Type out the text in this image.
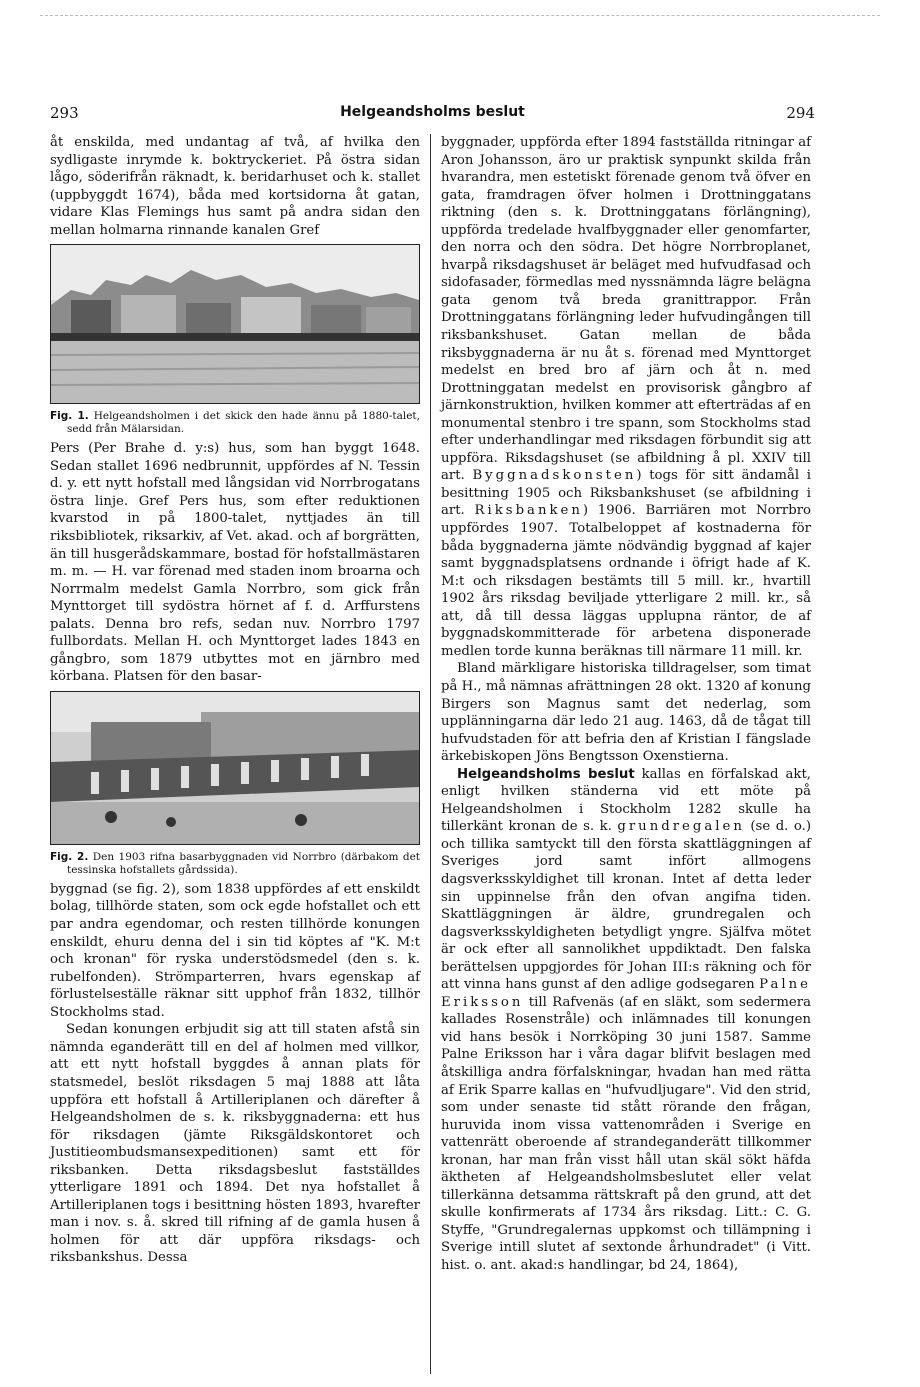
293	Helgeandsholms beslut	294

åt enskilda, med undantag af två, af hvilka den sydligaste inrymde k. boktryckeriet. På östra sidan lågo, söderifrån räknadt, k. beridarhuset och k. stallet (uppbyggdt 1674), båda med kortsidorna åt gatan, vidare Klas Flemings hus samt på andra sidan den mellan holmarna rinnande kanalen Gref

Fig. 1. Helgeandsholmen i det skick den hade ännu på 1880-talet, sedd från Mälarsidan.

Pers (Per Brahe d. y:s) hus, som han byggt 1648. Sedan stallet 1696 nedbrunnit, uppfördes af N. Tessin d. y. ett nytt hofstall med långsidan vid Norrbrogatans östra linje. Gref Pers hus, som efter reduktionen kvarstod in på 1800-talet, nyttjades än till riksbibliotek, riksarkiv, af Vet. akad. och af borgrätten, än till husgerådskammare, bostad för hofstallmästaren m. m. — H. var förenad med staden inom broarna och Norrmalm medelst Gamla Norrbro, som gick från Mynttorget till sydöstra hörnet af f. d. Arffurstens palats. Denna bro refs, sedan nuv. Norrbro 1797 fullbordats. Mellan H. och Mynttorget lades 1843 en gångbro, som 1879 utbyttes mot en järnbro med körbana. Platsen för den basar-

Fig. 2. Den 1903 rifna basarbyggnaden vid Norrbro (därbakom det tessinska hofstallets gårdssida).

byggnad (se fig. 2), som 1838 uppfördes af ett enskildt bolag, tillhörde staten, som ock egde hofstallet och ett par andra egendomar, och resten tillhörde konungen enskildt, ehuru denna del i sin tid köptes af "K. M:t och kronan" för ryska understödsmedel (den s. k. rubelfonden). Strömparterren, hvars egenskap af förlustelseställe räknar sitt upphof från 1832, tillhör Stockholms stad.

Sedan konungen erbjudit sig att till staten afstå sin nämnda eganderätt till en del af holmen med villkor, att ett nytt hofstall byggdes å annan plats för statsmedel, beslöt riksdagen 5 maj 1888 att låta uppföra ett hofstall å Artilleriplanen och därefter å Helgeandsholmen de s. k. riksbyggnaderna: ett hus för riksdagen (jämte Riksgäldskontoret och Justitieombudsmansexpeditionen) samt ett för riksbanken. Detta riksdagsbeslut fastställdes ytterligare 1891 och 1894. Det nya hofstallet å Artilleriplanen togs i besittning hösten 1893, hvarefter man i nov. s. å. skred till rifning af de gamla husen å holmen för att där uppföra riksdags- och riksbankshus. Dessa

byggnader, uppförda efter 1894 fastställda ritningar af Aron Johansson, äro ur praktisk synpunkt skilda från hvarandra, men estetiskt förenade genom två öfver en gata, framdragen öfver holmen i Drottninggatans riktning (den s. k. Drottninggatans förlängning), uppförda tredelade hvalfbyggnader eller genomfarter, den norra och den södra. Det högre Norrbroplanet, hvarpå riksdagshuset är beläget med hufvudfasad och sidofasader, förmedlas med nyssnämnda lägre belägna gata genom två breda granittrappor. Från Drottninggatans förlängning leder hufvudingången till riksbankshuset. Gatan mellan de båda riksbyggnaderna är nu åt s. förenad med Mynttorget medelst en bred bro af järn och åt n. med Drottninggatan medelst en provisorisk gångbro af järnkonstruktion, hvilken kommer att efterträdas af en monumental stenbro i tre spann, som Stockholms stad efter underhandlingar med riksdagen förbundit sig att uppföra. Riksdagshuset (se afbildning å pl. XXIV till art. Byggnadskonsten) togs för sitt ändamål i besittning 1905 och Riksbankshuset (se afbildning i art. Riksbanken) 1906. Barriären mot Norrbro uppfördes 1907. Totalbeloppet af kostnaderna för båda byggnaderna jämte nödvändig byggnad af kajer samt byggnadsplatsens ordnande i öfrigt hade af K. M:t och riksdagen bestämts till 5 mill. kr., hvartill 1902 års riksdag beviljade ytterligare 2 mill. kr., så att, då till dessa läggas upplupna räntor, de af byggnadskommitterade för arbetena disponerade medlen torde kunna beräknas till närmare 11 mill. kr.

Bland märkligare historiska tilldragelser, som timat på H., må nämnas afrättningen 28 okt. 1320 af konung Birgers son Magnus samt det nederlag, som upplänningarna där ledo 21 aug. 1463, då de tågat till hufvudstaden för att befria den af Kristian I fängslade ärkebiskopen Jöns Bengtsson Oxenstierna.

Helgeandsholms beslut kallas en förfalskad akt, enligt hvilken ständerna vid ett möte på Helgeandsholmen i Stockholm 1282 skulle ha tillerkänt kronan de s. k. grundregalen (se d. o.) och tillika samtyckt till den första skattläggningen af Sveriges jord samt infört allmogens dagsverksskyldighet till kronan. Intet af detta leder sin uppinnelse från den ofvan angifna tiden. Skattläggningen är äldre, grundregalen och dagsverksskyldigheten betydligt yngre. Själfva mötet är ock efter all sannolikhet uppdiktadt. Den falska berättelsen uppgjordes för Johan III:s räkning och för att vinna hans gunst af den adlige godsegaren Palne Eriksson till Rafvenäs (af en släkt, som sedermera kallades Rosenstråle) och inlämnades till konungen vid hans besök i Norrköping 30 juni 1587. Samme Palne Eriksson har i våra dagar blifvit beslagen med åtskilliga andra förfalskningar, hvadan han med rätta af Erik Sparre kallas en "hufvudljugare". Vid den strid, som under senaste tid stått rörande den frågan, huruvida inom vissa vattenområden i Sverige en vattenrätt oberoende af strandeganderätt tillkommer kronan, har man från visst håll utan skäl sökt häfda äktheten af Helgeandsholmsbeslutet eller velat tillerkänna detsamma rättskraft på den grund, att det skulle konfirmerats af 1734 års riksdag. Litt.: C. G. Styffe, "Grundregalernas uppkomst och tillämpning i Sverige intill slutet af sextonde århundradet" (i Vitt. hist. o. ant. akad:s handlingar, bd 24, 1864),
